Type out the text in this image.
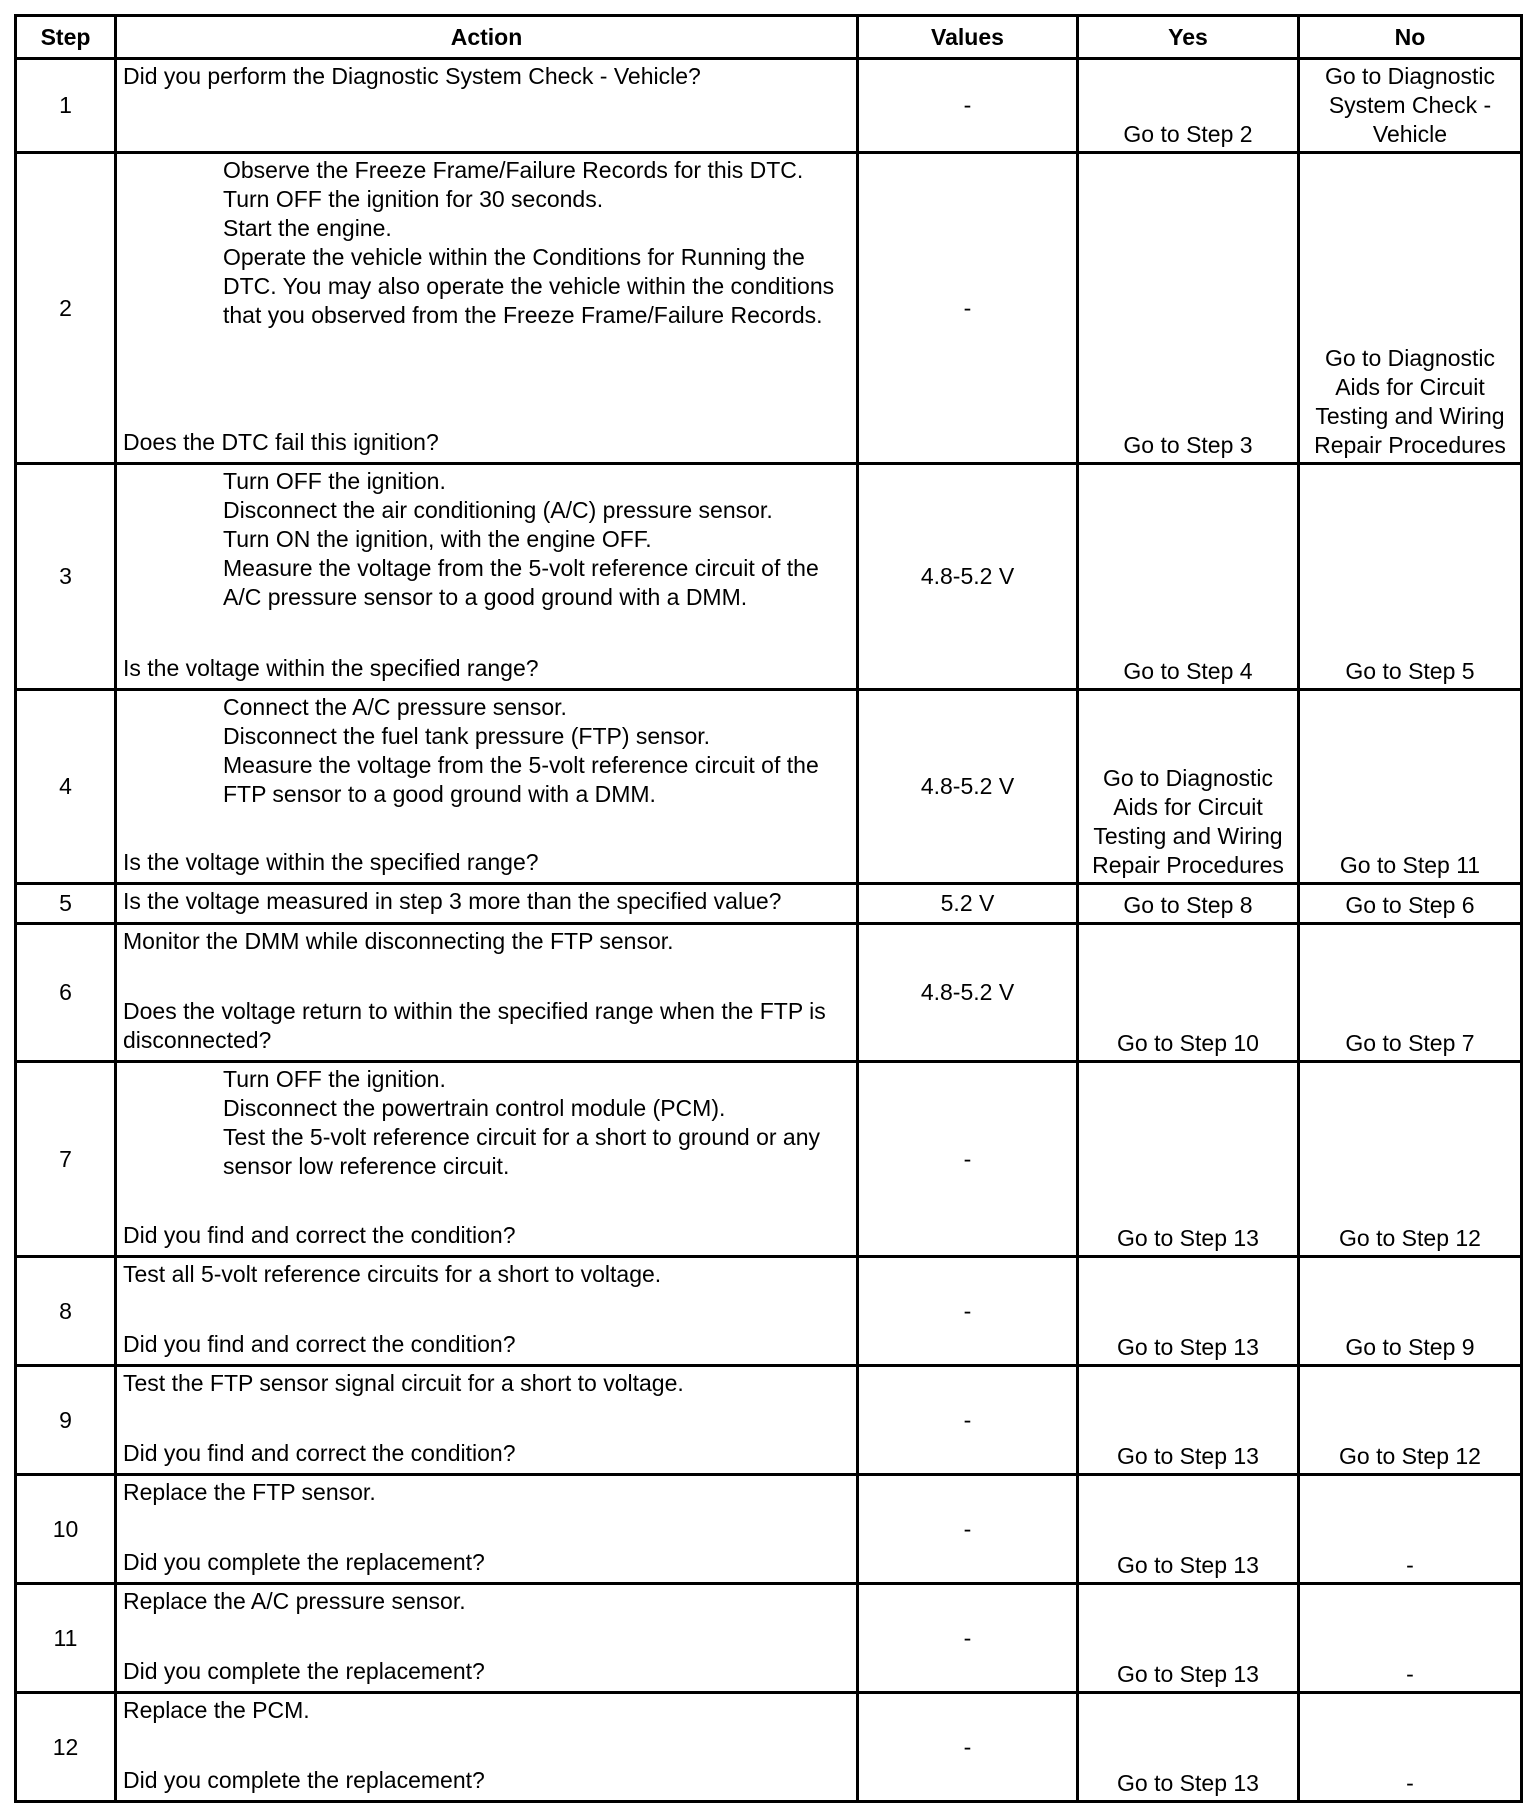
Step	Action	Values	Yes	No
1	Did you perform the Diagnostic System Check - Vehicle?	-	Go to Step 2	Go to Diagnostic System Check - Vehicle

2	Observe the Freeze Frame/Failure Records for this DTC.
Turn OFF the ignition for 30 seconds.
Start the engine.
Operate the vehicle within the Conditions for Running the DTC. You may also operate the vehicle within the conditions that you observed from the Freeze Frame/Failure Records.
Does the DTC fail this ignition?	-	Go to Step 3	Go to Diagnostic Aids for Circuit Testing and Wiring Repair Procedures

3	Turn OFF the ignition.
Disconnect the air conditioning (A/C) pressure sensor.
Turn ON the ignition, with the engine OFF.
Measure the voltage from the 5-volt reference circuit of the A/C pressure sensor to a good ground with a DMM.
Is the voltage within the specified range?	4.8-5.2 V	Go to Step 4	Go to Step 5

4	Connect the A/C pressure sensor.
Disconnect the fuel tank pressure (FTP) sensor.
Measure the voltage from the 5-volt reference circuit of the FTP sensor to a good ground with a DMM.
Is the voltage within the specified range?	4.8-5.2 V	Go to Diagnostic Aids for Circuit Testing and Wiring Repair Procedures	Go to Step 11

5	Is the voltage measured in step 3 more than the specified value?	5.2 V	Go to Step 8	Go to Step 6

6	Monitor the DMM while disconnecting the FTP sensor.
Does the voltage return to within the specified range when the FTP is disconnected?	4.8-5.2 V	Go to Step 10	Go to Step 7

7	Turn OFF the ignition.
Disconnect the powertrain control module (PCM).
Test the 5-volt reference circuit for a short to ground or any sensor low reference circuit.
Did you find and correct the condition?	-	Go to Step 13	Go to Step 12

8	Test all 5-volt reference circuits for a short to voltage.
Did you find and correct the condition?	-	Go to Step 13	Go to Step 9

9	Test the FTP sensor signal circuit for a short to voltage.
Did you find and correct the condition?	-	Go to Step 13	Go to Step 12

10	Replace the FTP sensor.
Did you complete the replacement?	-	Go to Step 13	-

11	Replace the A/C pressure sensor.
Did you complete the replacement?	-	Go to Step 13	-

12	Replace the PCM.
Did you complete the replacement?	-	Go to Step 13	-
